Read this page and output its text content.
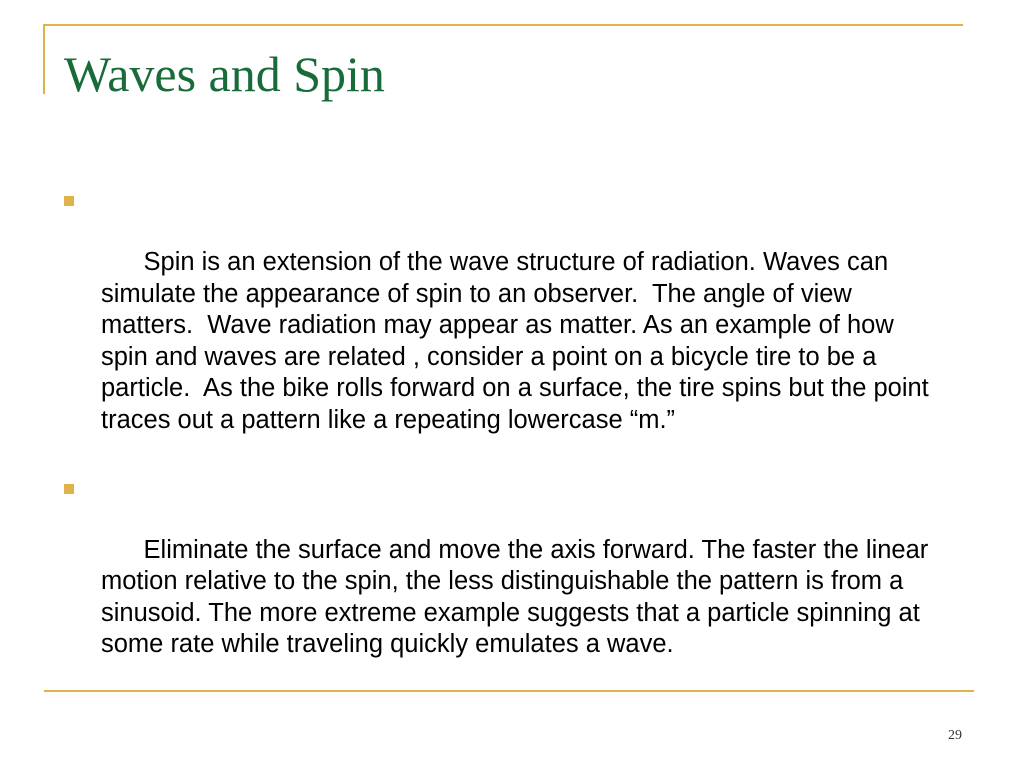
Waves and Spin

Spin is an extension of the wave structure of radiation. Waves can simulate the appearance of spin to an observer.  The angle of view matters.  Wave radiation may appear as matter. As an example of how spin and waves are related , consider a point on a bicycle tire to be a particle.  As the bike rolls forward on a surface, the tire spins but the point traces out a pattern like a repeating lowercase “m.”

Eliminate the surface and move the axis forward. The faster the linear motion relative to the spin, the less distinguishable the pattern is from a sinusoid. The more extreme example suggests that a particle spinning at some rate while traveling quickly emulates a wave.

29
